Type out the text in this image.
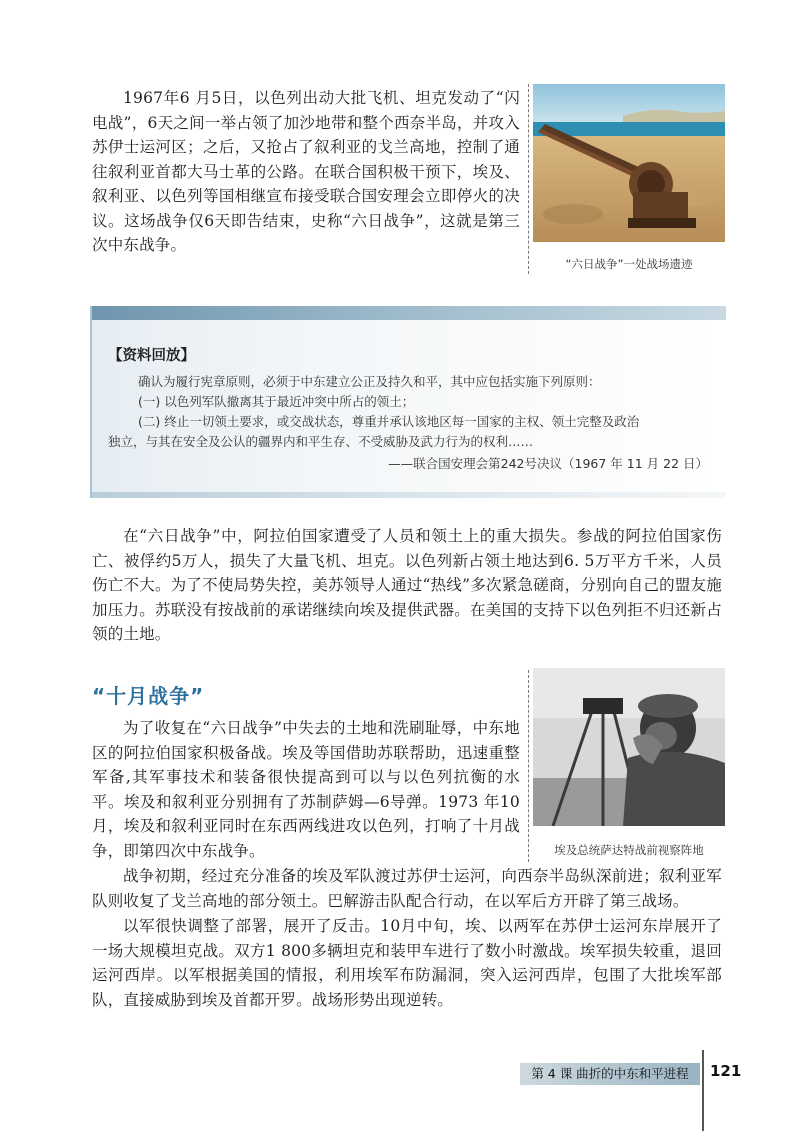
1967年6 月5日，以色列出动大批飞机、坦克发动了“闪电战”，6天之间一举占领了加沙地带和整个西奈半岛，并攻入苏伊士运河区；之后，又抢占了叙利亚的戈兰高地，控制了通往叙利亚首都大马士革的公路。在联合国积极干预下，埃及、叙利亚、以色列等国相继宣布接受联合国安理会立即停火的决议。这场战争仅6天即告结束，史称“六日战争”，这就是第三次中东战争。

“六日战争”一处战场遗迹
【资料回放】
确认为履行宪章原则，必须于中东建立公正及持久和平，其中应包括实施下列原则：
(一) 以色列军队撤离其于最近冲突中所占的领土；
(二) 终止一切领土要求，或交战状态，尊重并承认该地区每一国家的主权、领土完整及政治
独立，与其在安全及公认的疆界内和平生存、不受威胁及武力行为的权利……
——联合国安理会第242号决议（1967 年 11 月 22 日）

在“六日战争”中，阿拉伯国家遭受了人员和领土上的重大损失。参战的阿拉伯国家伤亡、被俘约5万人，损失了大量飞机、坦克。以色列新占领土地达到6. 5万平方千米，人员伤亡不大。为了不使局势失控，美苏领导人通过“热线”多次紧急磋商，分别向自己的盟友施加压力。苏联没有按战前的承诺继续向埃及提供武器。在美国的支持下以色列拒不归还新占领的土地。

“十月战争”

为了收复在“六日战争”中失去的土地和洗刷耻辱，中东地区的阿拉伯国家积极备战。埃及等国借助苏联帮助，迅速重整军备,其军事技术和装备很快提高到可以与以色列抗衡的水平。埃及和叙利亚分别拥有了苏制萨姆—6导弹。1973 年10 月，埃及和叙利亚同时在东西两线进攻以色列，打响了十月战争，即第四次中东战争。	埃及总统萨达特战前视察阵地

战争初期，经过充分准备的埃及军队渡过苏伊士运河，向西奈半岛纵深前进；叙利亚军队则收复了戈兰高地的部分领土。巴解游击队配合行动，在以军后方开辟了第三战场。

以军很快调整了部署，展开了反击。10月中旬，埃、以两军在苏伊士运河东岸展开了一场大规模坦克战。双方1 800多辆坦克和装甲车进行了数小时激战。埃军损失较重，退回运河西岸。以军根据美国的情报，利用埃军布防漏洞，突入运河西岸，包围了大批埃军部队，直接威胁到埃及首都开罗。战场形势出现逆转。

第 4 课 曲折的中东和平进程	121
